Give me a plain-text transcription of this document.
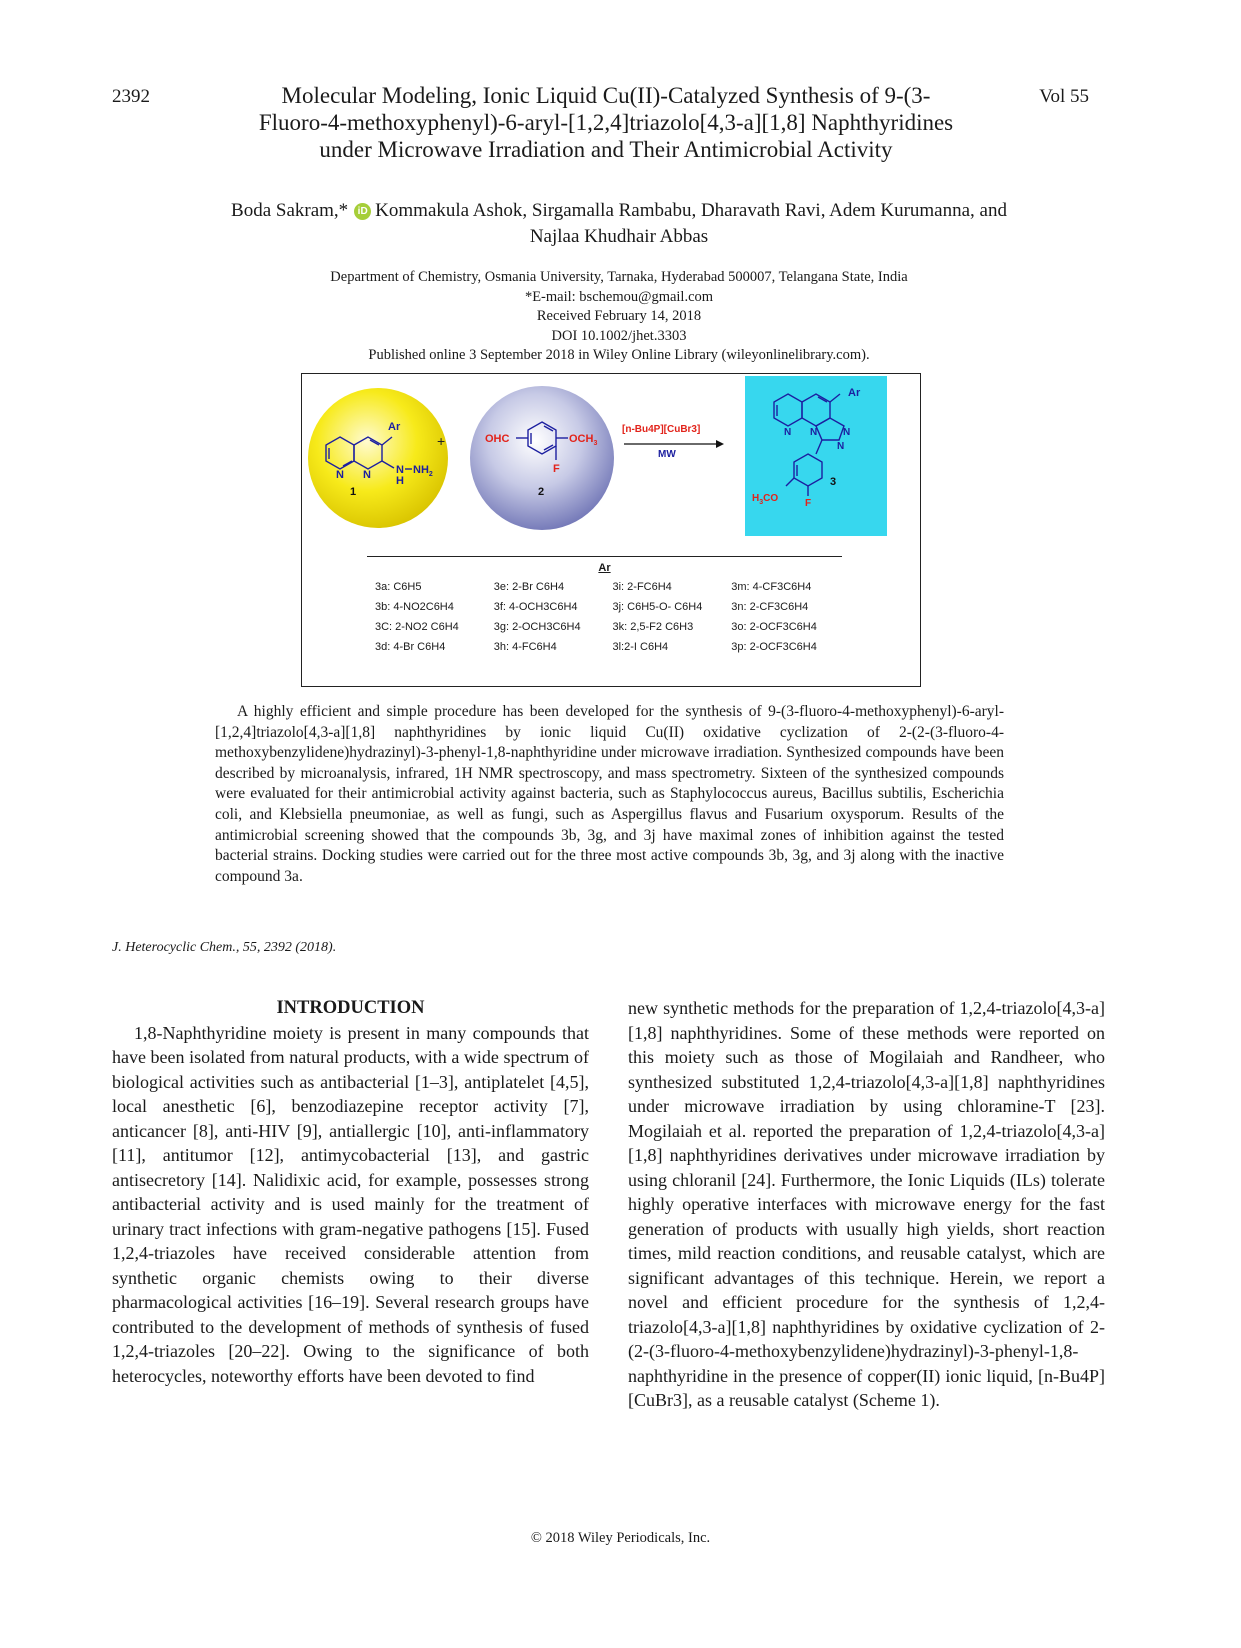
2392	Vol 55
Molecular Modeling, Ionic Liquid Cu(II)-Catalyzed Synthesis of 9-(3-Fluoro-4-methoxyphenyl)-6-aryl-[1,2,4]triazolo[4,3-a][1,8] Naphthyridines under Microwave Irradiation and Their Antimicrobial Activity
Boda Sakram,* iD Kommakula Ashok, Sirgamalla Rambabu, Dharavath Ravi, Adem Kurumanna, and
Najlaa Khudhair Abbas
Department of Chemistry, Osmania University, Tarnaka, Hyderabad 500007, Telangana State, India
*E-mail: bschemou@gmail.com
Received February 14, 2018
DOI 10.1002/jhet.3303
Published online 3 September 2018 in Wiley Online Library (wileyonlinelibrary.com).
Ar
N N N
H
$NH_2$
1
+	OHC	$OCH_3$
F
2
[n-Bu4P][CuBr3]
MW
Ar
N N	N
N
3
$H_3CO$	F
Ar
3a: C6H5	3e: 2-Br C6H4	3i: 2-FC6H4	3m: 4-CF3C6H4
3b: 4-NO2C6H4	3f: 4-OCH3C6H4	3j: C6H5-O- C6H4	3n: 2-CF3C6H4
3C: 2-NO2 C6H4	3g: 2-OCH3C6H4	3k: 2,5-F2 C6H3	3o: 2-OCF3C6H4
3d: 4-Br C6H4	3h: 4-FC6H4	3l:2-I C6H4	3p: 2-OCF3C6H4

A highly efficient and simple procedure has been developed for the synthesis of 9-(3-fluoro-4-methoxyphenyl)-6-aryl-[1,2,4]triazolo[4,3-a][1,8] naphthyridines by ionic liquid Cu(II) oxidative cyclization of 2-(2-(3-fluoro-4-methoxybenzylidene)hydrazinyl)-3-phenyl-1,8-naphthyridine under microwave irradiation. Synthesized compounds have been described by microanalysis, infrared, 1H NMR spectroscopy, and mass spectrometry. Sixteen of the synthesized compounds were evaluated for their antimicrobial activity against bacteria, such as Staphylococcus aureus, Bacillus subtilis, Escherichia coli, and Klebsiella pneumoniae, as well as fungi, such as Aspergillus flavus and Fusarium oxysporum. Results of the antimicrobial screening showed that the compounds 3b, 3g, and 3j have maximal zones of inhibition against the tested bacterial strains. Docking studies were carried out for the three most active compounds 3b, 3g, and 3j along with the inactive compound 3a.

J. Heterocyclic Chem., 55, 2392 (2018).

INTRODUCTION

1,8-Naphthyridine moiety is present in many compounds that have been isolated from natural products, with a wide spectrum of biological activities such as antibacterial [1–3], antiplatelet [4,5], local anesthetic [6], benzodiazepine receptor activity [7], anticancer [8], anti-HIV [9], antiallergic [10], anti-inflammatory [11], antitumor [12], antimycobacterial [13], and gastric antisecretory [14]. Nalidixic acid, for example, possesses strong antibacterial activity and is used mainly for the treatment of urinary tract infections with gram-negative pathogens [15]. Fused 1,2,4-triazoles have received considerable attention from synthetic organic chemists owing to their diverse pharmacological activities [16–19]. Several research groups have contributed to the development of methods of synthesis of fused 1,2,4-triazoles [20–22]. Owing to the significance of both heterocycles, noteworthy efforts have been devoted to find

new synthetic methods for the preparation of 1,2,4-triazolo[4,3-a][1,8] naphthyridines. Some of these methods were reported on this moiety such as those of Mogilaiah and Randheer, who synthesized substituted 1,2,4-triazolo[4,3-a][1,8] naphthyridines under microwave irradiation by using chloramine-T [23]. Mogilaiah et al. reported the preparation of 1,2,4-triazolo[4,3-a][1,8] naphthyridines derivatives under microwave irradiation by using chloranil [24]. Furthermore, the Ionic Liquids (ILs) tolerate highly operative interfaces with microwave energy for the fast generation of products with usually high yields, short reaction times, mild reaction conditions, and reusable catalyst, which are significant advantages of this technique. Herein, we report a novel and efficient procedure for the synthesis of 1,2,4-triazolo[4,3-a][1,8] naphthyridines by oxidative cyclization of 2-(2-(3-fluoro-4-methoxybenzylidene)hydrazinyl)-3-phenyl-1,8-naphthyridine in the presence of copper(II) ionic liquid, [n-Bu4P][CuBr3], as a reusable catalyst (Scheme 1).

© 2018 Wiley Periodicals, Inc.
